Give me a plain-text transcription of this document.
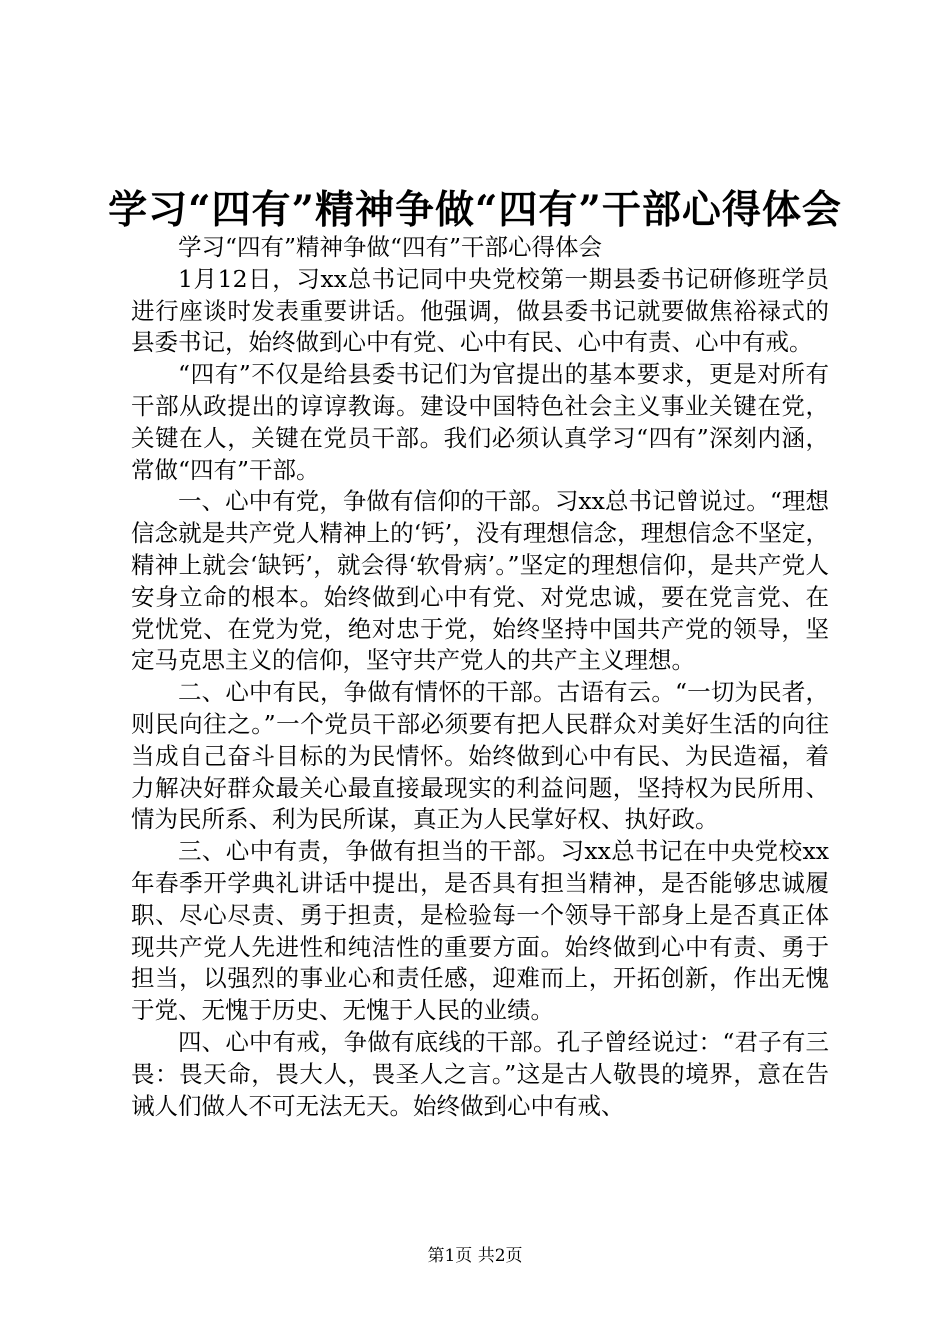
学习“四有”精神争做“四有”干部心得体会

学习“四有”精神争做“四有”干部心得体会

1月12日，习xx总书记同中央党校第一期县委书记研修班学员进行座谈时发表重要讲话。他强调，做县委书记就要做焦裕禄式的县委书记，始终做到心中有党、心中有民、心中有责、心中有戒。

“四有”不仅是给县委书记们为官提出的基本要求，更是对所有干部从政提出的谆谆教诲。建设中国特色社会主义事业关键在党，关键在人，关键在党员干部。我们必须认真学习“四有”深刻内涵，常做“四有”干部。

一、心中有党，争做有信仰的干部。习xx总书记曾说过。“理想信念就是共产党人精神上的‘钙’，没有理想信念，理想信念不坚定，精神上就会‘缺钙’，就会得‘软骨病’。”坚定的理想信仰，是共产党人安身立命的根本。始终做到心中有党、对党忠诚，要在党言党、在党忧党、在党为党，绝对忠于党，始终坚持中国共产党的领导，坚定马克思主义的信仰，坚守共产党人的共产主义理想。

二、心中有民，争做有情怀的干部。古语有云。“一切为民者，则民向往之。”一个党员干部必须要有把人民群众对美好生活的向往当成自己奋斗目标的为民情怀。始终做到心中有民、为民造福，着力解决好群众最关心最直接最现实的利益问题，坚持权为民所用、情为民所系、利为民所谋，真正为人民掌好权、执好政。

三、心中有责，争做有担当的干部。习xx总书记在中央党校xx年春季开学典礼讲话中提出，是否具有担当精神，是否能够忠诚履职、尽心尽责、勇于担责，是检验每一个领导干部身上是否真正体现共产党人先进性和纯洁性的重要方面。始终做到心中有责、勇于担当，以强烈的事业心和责任感，迎难而上，开拓创新，作出无愧于党、无愧于历史、无愧于人民的业绩。

四、心中有戒，争做有底线的干部。孔子曾经说过：“君子有三畏：畏天命，畏大人，畏圣人之言。”这是古人敬畏的境界，意在告诫人们做人不可无法无天。始终做到心中有戒、

第1页 共2页
